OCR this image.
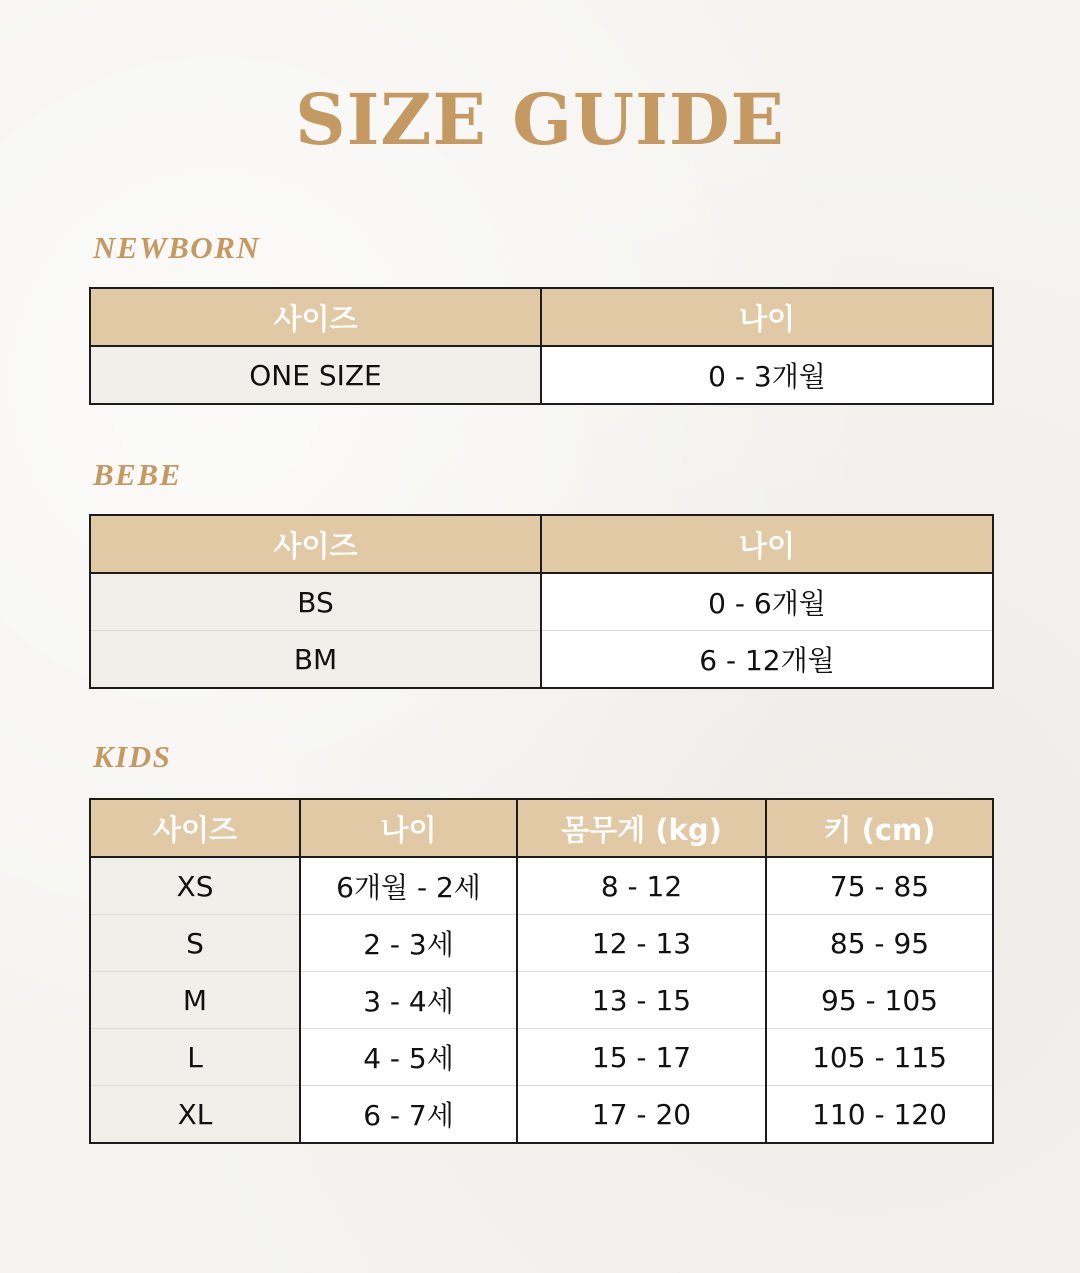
SIZE GUIDE
NEWBORN
사이즈	나이
ONE SIZE	0 - 3개월
BEBE
사이즈	나이
BS	0 - 6개월
BM	6 - 12개월
KIDS
사이즈	나이	몸무게 (kg)	키 (cm)
XS	6개월 - 2세	8 - 12	75 - 85
S	2 - 3세	12 - 13	85 - 95
M	3 - 4세	13 - 15	95 - 105
L	4 - 5세	15 - 17	105 - 115
XL	6 - 7세	17 - 20	110 - 120
